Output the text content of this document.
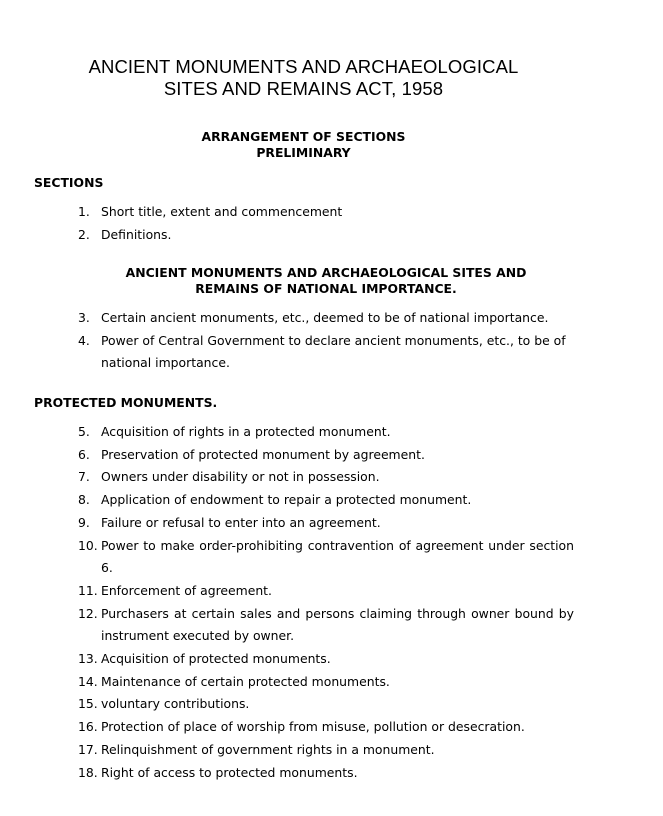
ANCIENT MONUMENTS AND ARCHAEOLOGICAL
SITES AND REMAINS ACT, 1958
ARRANGEMENT OF SECTIONS
PRELIMINARY
SECTIONS
1. Short title, extent and commencement
2. Definitions.
ANCIENT MONUMENTS AND ARCHAEOLOGICAL SITES AND
REMAINS OF NATIONAL IMPORTANCE.
3. Certain ancient monuments, etc., deemed to be of national importance.
4. Power of Central Government to declare ancient monuments, etc., to be of national importance.
PROTECTED MONUMENTS.
5. Acquisition of rights in a protected monument.
6. Preservation of protected monument by agreement.
7. Owners under disability or not in possession.
8. Application of endowment to repair a protected monument.
9. Failure or refusal to enter into an agreement.
10. Power to make order-prohibiting contravention of agreement under section 6.
11. Enforcement of agreement.
12. Purchasers at certain sales and persons claiming through owner bound by instrument executed by owner.
13. Acquisition of protected monuments.
14. Maintenance of certain protected monuments.
15. voluntary contributions.
16. Protection of place of worship from misuse, pollution or desecration.
17. Relinquishment of government rights in a monument.
18. Right of access to protected monuments.
